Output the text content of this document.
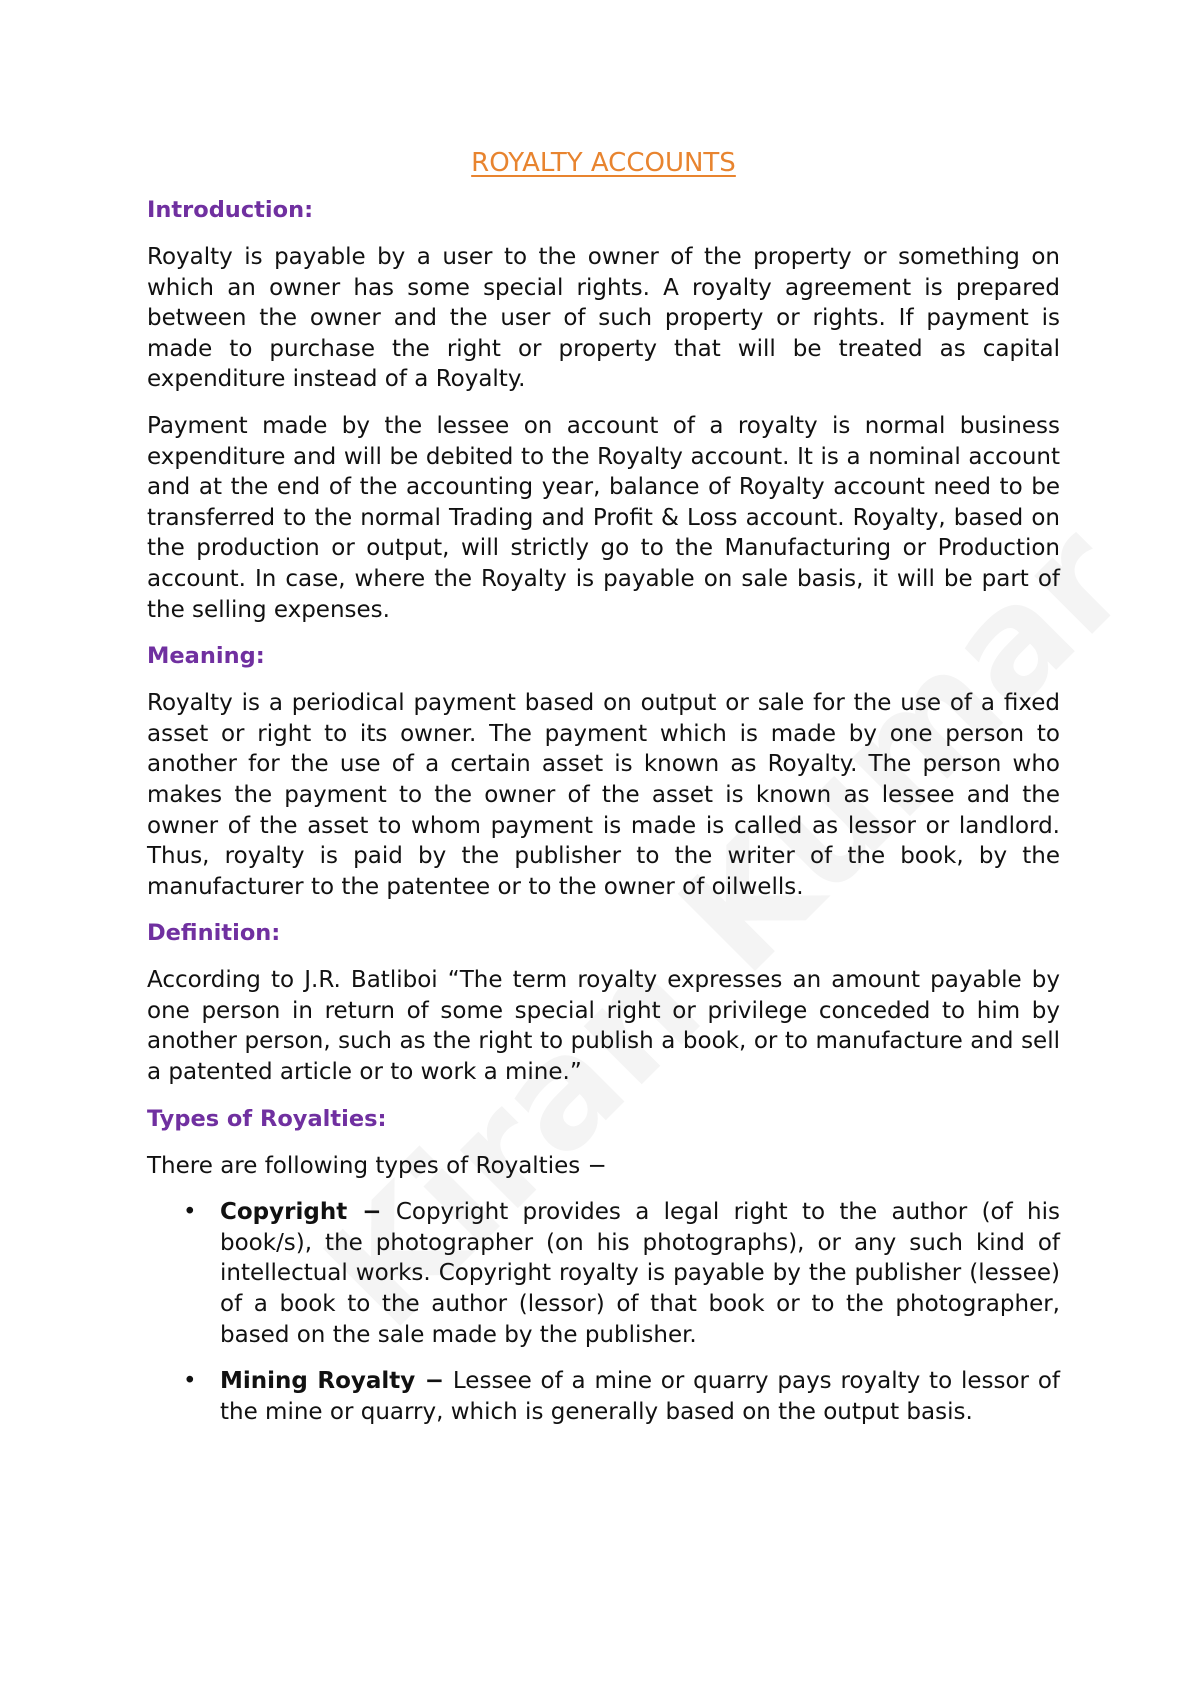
ROYALTY ACCOUNTS
Introduction:

Royalty is payable by a user to the owner of the property or something on which an owner has some special rights. A royalty agreement is prepared between the owner and the user of such property or rights. If payment is made to purchase the right or property that will be treated as capital expenditure instead of a Royalty.

Payment made by the lessee on account of a royalty is normal business expenditure and will be debited to the Royalty account. It is a nominal account and at the end of the accounting year, balance of Royalty account need to be transferred to the normal Trading and Profit & Loss account. Royalty, based on the production or output, will strictly go to the Manufacturing or Production account. In case, where the Royalty is payable on sale basis, it will be part of the selling expenses.

Meaning:

Royalty is a periodical payment based on output or sale for the use of a fixed asset or right to its owner. The payment which is made by one person to another for the use of a certain asset is known as Royalty. The person who makes the payment to the owner of the asset is known as lessee and the owner of the asset to whom payment is made is called as lessor or landlord. Thus, royalty is paid by the publisher to the writer of the book, by the manufacturer to the patentee or to the owner of oilwells.

Definition:

According to J.R. Batliboi “The term royalty expresses an amount payable by one person in return of some special right or privilege conceded to him by another person, such as the right to publish a book, or to manufacture and sell a patented article or to work a mine.”

Types of Royalties:

There are following types of Royalties −

• Copyright − Copyright provides a legal right to the author (of his book/s), the photographer (on his photographs), or any such kind of intellectual works. Copyright royalty is payable by the publisher (lessee) of a book to the author (lessor) of that book or to the photographer, based on the sale made by the publisher.
• Mining Royalty − Lessee of a mine or quarry pays royalty to lessor of the mine or quarry, which is generally based on the output basis.
